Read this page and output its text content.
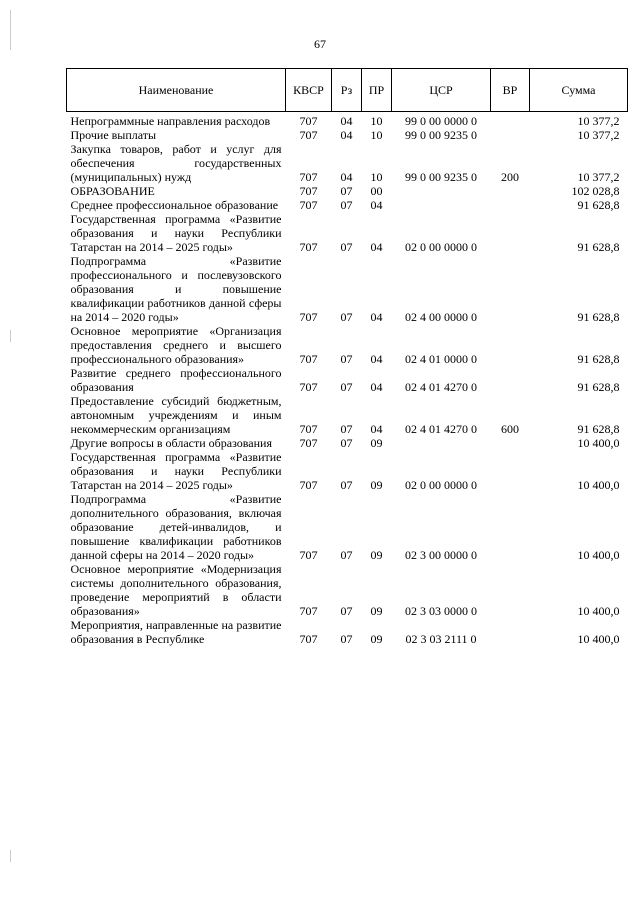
67
Наименование	КВСР	Рз	ПР	ЦСР	ВР	Сумма
Непрограммные направления расходов	707	04	10	99 0 00 0000 0		10 377,2
Прочие выплаты	707	04	10	99 0 00 9235 0		10 377,2
Закупка товаров, работ и услуг для обеспечения государственных (муниципальных) нужд	707	04	10	99 0 00 9235 0	200	10 377,2
ОБРАЗОВАНИЕ	707	07	00			102 028,8
Среднее профессиональное образование	707	07	04			91 628,8
Государственная программа «Развитие образования и науки Республики Татарстан на 2014 – 2025 годы»	707	07	04	02 0 00 0000 0		91 628,8
Подпрограмма «Развитие профессионального и послевузовского образования и повышение квалификации работников данной сферы на 2014 – 2020 годы»	707	07	04	02 4 00 0000 0		91 628,8
Основное мероприятие «Организация предоставления среднего и высшего профессионального образования»	707	07	04	02 4 01 0000 0		91 628,8
Развитие среднего профессионального образования	707	07	04	02 4 01 4270 0		91 628,8
Предоставление субсидий бюджетным, автономным учреждениям и иным некоммерческим организациям	707	07	04	02 4 01 4270 0	600	91 628,8
Другие вопросы в области образования	707	07	09			10 400,0
Государственная программа «Развитие образования и науки Республики Татарстан на 2014 – 2025 годы»	707	07	09	02 0 00 0000 0		10 400,0
Подпрограмма «Развитие дополнительного образования, включая образование детей-инвалидов, и повышение квалификации работников данной сферы на 2014 – 2020 годы»	707	07	09	02 3 00 0000 0		10 400,0
Основное мероприятие «Модернизация системы дополнительного образования, проведение мероприятий в области образования»	707	07	09	02 3 03 0000 0		10 400,0
Мероприятия, направленные на развитие образования в Республике	707	07	09	02 3 03 2111 0		10 400,0
